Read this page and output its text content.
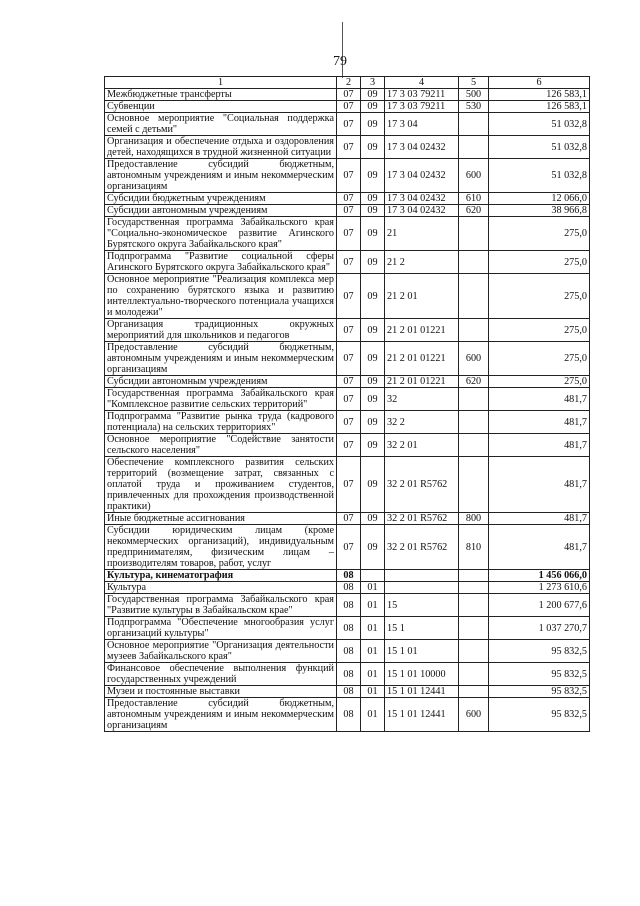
79
1	2	3	4	5	6
Межбюджетные трансферты	07	09	17 3 03 79211	500	126 583,1
Субвенции	07	09	17 3 03 79211	530	126 583,1
Основное мероприятие "Социальная поддержка семей с детьми"	07	09	17 3 04		51 032,8
Организация и обеспечение отдыха и оздоровления детей, находящихся в трудной жизненной ситуации	07	09	17 3 04 02432		51 032,8
Предоставление субсидий бюджетным, автономным учреждениям и иным некоммерческим организациям	07	09	17 3 04 02432	600	51 032,8
Субсидии бюджетным учреждениям	07	09	17 3 04 02432	610	12 066,0
Субсидии автономным учреждениям	07	09	17 3 04 02432	620	38 966,8
Государственная программа Забайкальского края "Социально-экономическое развитие Агинского Бурятского округа Забайкальского края"	07	09	21		275,0
Подпрограмма "Развитие социальной сферы Агинского Бурятского округа Забайкальского края"	07	09	21 2		275,0
Основное мероприятие "Реализация комплекса мер по сохранению бурятского языка и развитию интеллектуально-творческого потенциала учащихся и молодежи"	07	09	21 2 01		275,0
Организация традиционных окружных мероприятий для школьников и педагогов	07	09	21 2 01 01221		275,0
Предоставление субсидий бюджетным, автономным учреждениям и иным некоммерческим организациям	07	09	21 2 01 01221	600	275,0
Субсидии автономным учреждениям	07	09	21 2 01 01221	620	275,0
Государственная программа Забайкальского края "Комплексное развитие сельских территорий"	07	09	32		481,7
Подпрограмма "Развитие рынка труда (кадрового потенциала) на сельских территориях"	07	09	32 2		481,7
Основное мероприятие "Содействие занятости сельского населения"	07	09	32 2 01		481,7
Обеспечение комплексного развития сельских территорий (возмещение затрат, связанных с оплатой труда и проживанием студентов, привлеченных для прохождения производственной практики)	07	09	32 2 01 R5762		481,7
Иные бюджетные ассигнования	07	09	32 2 01 R5762	800	481,7
Субсидии юридическим лицам (кроме некоммерческих организаций), индивидуальным предпринимателям, физическим лицам – производителям товаров, работ, услуг	07	09	32 2 01 R5762	810	481,7
Культура, кинематография	08				1 456 066,0
Культура	08	01			1 273 610,6
Государственная программа Забайкальского края "Развитие культуры в Забайкальском крае"	08	01	15		1 200 677,6
Подпрограмма "Обеспечение многообразия услуг организаций культуры"	08	01	15 1		1 037 270,7
Основное мероприятие "Организация деятельности музеев Забайкальского края"	08	01	15 1 01		95 832,5
Финансовое обеспечение выполнения функций государственных учреждений	08	01	15 1 01 10000		95 832,5
Музеи и постоянные выставки	08	01	15 1 01 12441		95 832,5
Предоставление субсидий бюджетным, автономным учреждениям и иным некоммерческим организациям	08	01	15 1 01 12441	600	95 832,5
